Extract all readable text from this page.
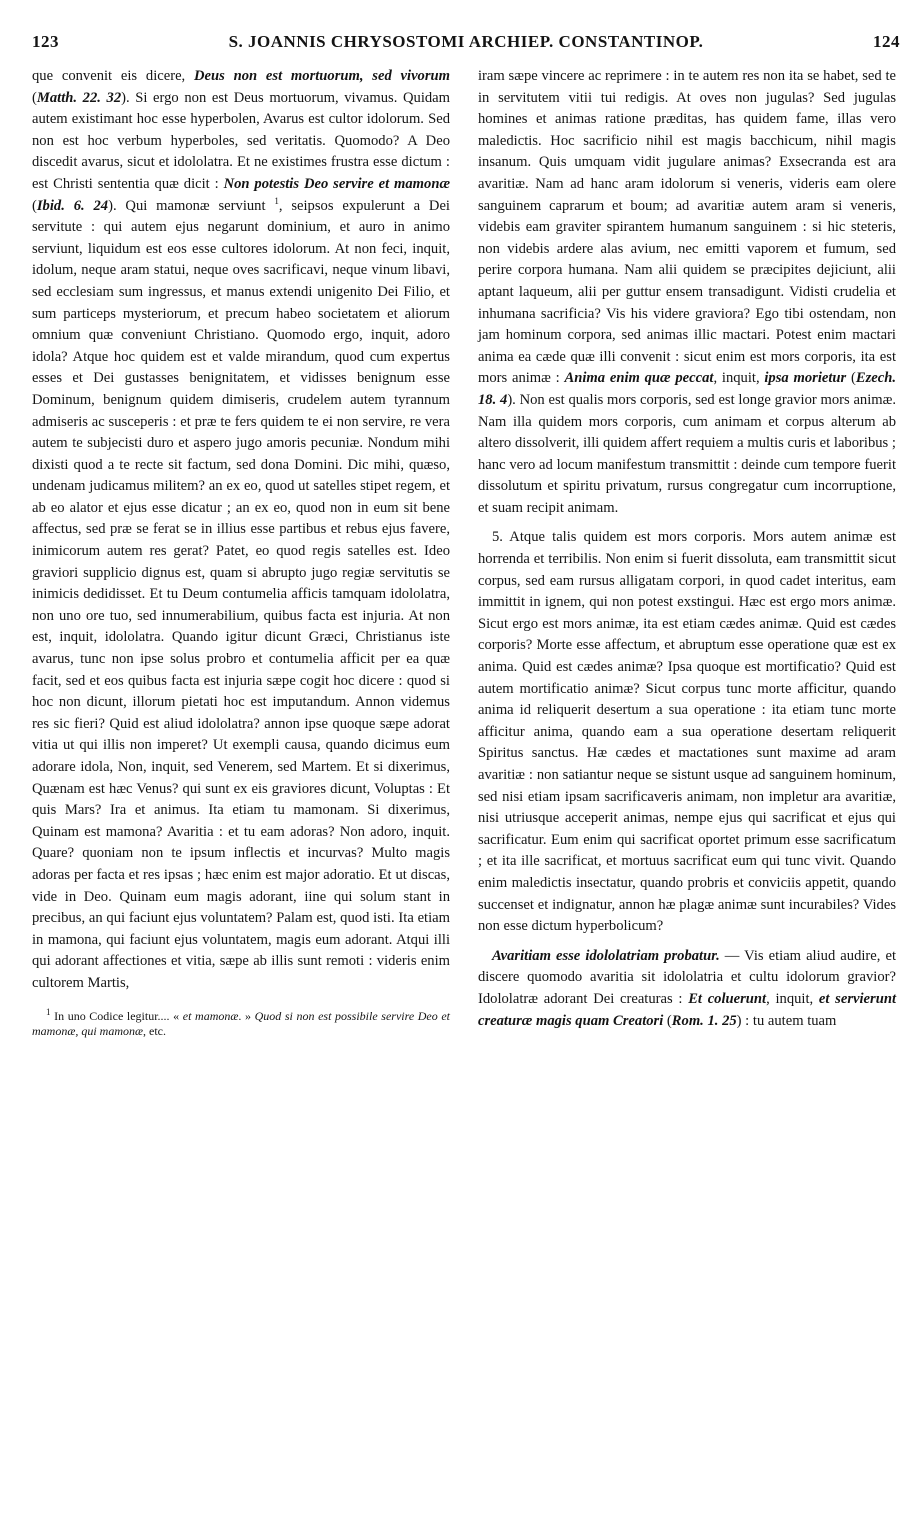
123	S. JOANNIS CHRYSOSTOMI ARCHIEP. CONSTANTINOP.	124

que convenit eis dicere, Deus non est mortuorum, sed vivorum (Matth. 22. 32). Si ergo non est Deus mortuorum, vivamus. Quidam autem existimant hoc esse hyperbolen, Avarus est cultor idolorum. Sed non est hoc verbum hyperboles, sed veritatis. Quomodo? A Deo discedit avarus, sicut et idololatra. Et ne existimes frustra esse dictum : est Christi sententia quæ dicit : Non potestis Deo servire et mamonæ (Ibid. 6. 24). Qui mamonæ serviunt $^1$, seipsos expulerunt a Dei servitute : qui autem ejus negarunt dominium, et auro in animo serviunt, liquidum est eos esse cultores idolorum. At non feci, inquit, idolum, neque aram statui, neque oves sacrificavi, neque vinum libavi, sed ecclesiam sum ingressus, et manus extendi unigenito Dei Filio, et sum particeps mysteriorum, et precum habeo societatem et aliorum omnium quæ conveniunt Christiano. Quomodo ergo, inquit, adoro idola? Atque hoc quidem est et valde mirandum, quod cum expertus esses et Dei gustasses benignitatem, et vidisses benignum esse Dominum, benignum quidem dimiseris, crudelem autem tyrannum admiseris ac susceperis : et præ te fers quidem te ei non servire, re vera autem te subjecisti duro et aspero jugo amoris pecuniæ. Nondum mihi dixisti quod a te recte sit factum, sed dona Domini. Dic mihi, quæso, undenam judicamus militem? an ex eo, quod ut satelles stipet regem, et ab eo alator et ejus esse dicatur ; an ex eo, quod non in eum sit bene affectus, sed præ se ferat se in illius esse partibus et rebus ejus favere, inimicorum autem res gerat? Patet, eo quod regis satelles est. Ideo graviori supplicio dignus est, quam si abrupto jugo regiæ servitutis se inimicis dedidisset. Et tu Deum contumelia afficis tamquam idololatra, non uno ore tuo, sed innumerabilium, quibus facta est injuria. At non est, inquit, idololatra. Quando igitur dicunt Græci, Christianus iste avarus, tunc non ipse solus probro et contumelia afficit per ea quæ facit, sed et eos quibus facta est injuria sæpe cogit hoc dicere : quod si hoc non dicunt, illorum pietati hoc est imputandum. Annon videmus res sic fieri? Quid est aliud idololatra? annon ipse quoque sæpe adorat vitia ut qui illis non imperet? Ut exempli causa, quando dicimus eum adorare idola, Non, inquit, sed Venerem, sed Martem. Et si dixerimus, Quænam est hæc Venus? qui sunt ex eis graviores dicunt, Voluptas : Et quis Mars? Ira et animus. Ita etiam tu mamonam. Si dixerimus, Quinam est mamona? Avaritia : et tu eam adoras? Non adoro, inquit. Quare? quoniam non te ipsum inflectis et incurvas? Multo magis adoras per facta et res ipsas ; hæc enim est major adoratio. Et ut discas, vide in Deo. Quinam eum magis adorant, iine qui solum stant in precibus, an qui faciunt ejus voluntatem? Palam est, quod isti. Ita etiam in mamona, qui faciunt ejus voluntatem, magis eum adorant. Atqui illi qui adorant affectiones et vitia, sæpe ab illis sunt remoti : videris enim cultorem Martis,

$^1$ In uno Codice legitur.... « et mamonæ. » Quod si non est possibile servire Deo et mamonæ, qui mamonæ, etc.

iram sæpe vincere ac reprimere : in te autem res non ita se habet, sed te in servitutem vitii tui redigis. At oves non jugulas? Sed jugulas homines et animas ratione præditas, has quidem fame, illas vero maledictis. Hoc sacrificio nihil est magis bacchicum, nihil magis insanum. Quis umquam vidit jugulare animas? Exsecranda est ara avaritiæ. Nam ad hanc aram idolorum si veneris, videris eam olere sanguinem caprarum et boum; ad avaritiæ autem aram si veneris, videbis eam graviter spirantem humanum sanguinem : si hic steteris, non videbis ardere alas avium, nec emitti vaporem et fumum, sed perire corpora humana. Nam alii quidem se præcipites dejiciunt, alii aptant laqueum, alii per guttur ensem transadigunt. Vidisti crudelia et inhumana sacrificia? Vis his videre graviora? Ego tibi ostendam, non jam hominum corpora, sed animas illic mactari. Potest enim mactari anima ea cæde quæ illi convenit : sicut enim est mors corporis, ita est mors animæ : Anima enim quæ peccat, inquit, ipsa morietur (Ezech. 18. 4). Non est qualis mors corporis, sed est longe gravior mors animæ. Nam illa quidem mors corporis, cum animam et corpus alterum ab altero dissolverit, illi quidem affert requiem a multis curis et laboribus ; hanc vero ad locum manifestum transmittit : deinde cum tempore fuerit dissolutum et spiritu privatum, rursus congregatur cum incorruptione, et suam recipit animam.

5. Atque talis quidem est mors corporis. Mors autem animæ est horrenda et terribilis. Non enim si fuerit dissoluta, eam transmittit sicut corpus, sed eam rursus alligatam corpori, in quod cadet interitus, eam immittit in ignem, qui non potest exstingui. Hæc est ergo mors animæ. Sicut ergo est mors animæ, ita est etiam cædes animæ. Quid est cædes corporis? Morte esse affectum, et abruptum esse operatione quæ est ex anima. Quid est cædes animæ? Ipsa quoque est mortificatio? Quid est autem mortificatio animæ? Sicut corpus tunc morte afficitur, quando anima id reliquerit desertum a sua operatione : ita etiam tunc morte afficitur anima, quando eam a sua operatione desertam reliquerit Spiritus sanctus. Hæ cædes et mactationes sunt maxime ad aram avaritiæ : non satiantur neque se sistunt usque ad sanguinem hominum, sed nisi etiam ipsam sacrificaveris animam, non impletur ara avaritiæ, nisi utriusque acceperit animas, nempe ejus qui sacrificat et ejus qui sacrificatur. Eum enim qui sacrificat oportet primum esse sacrificatum ; et ita ille sacrificat, et mortuus sacrificat eum qui tunc vivit. Quando enim maledictis insectatur, quando probris et conviciis appetit, quando succenset et indignatur, annon hæ plagæ animæ sunt incurabiles? Vides non esse dictum hyperbolicum?

Avaritiam esse idololatriam probatur. — Vis etiam aliud audire, et discere quomodo avaritia sit idololatria et cultu idolorum gravior? Idololatræ adorant Dei creaturas : Et coluerunt, inquit, et servierunt creaturæ magis quam Creatori (Rom. 1. 25) : tu autem tuam
